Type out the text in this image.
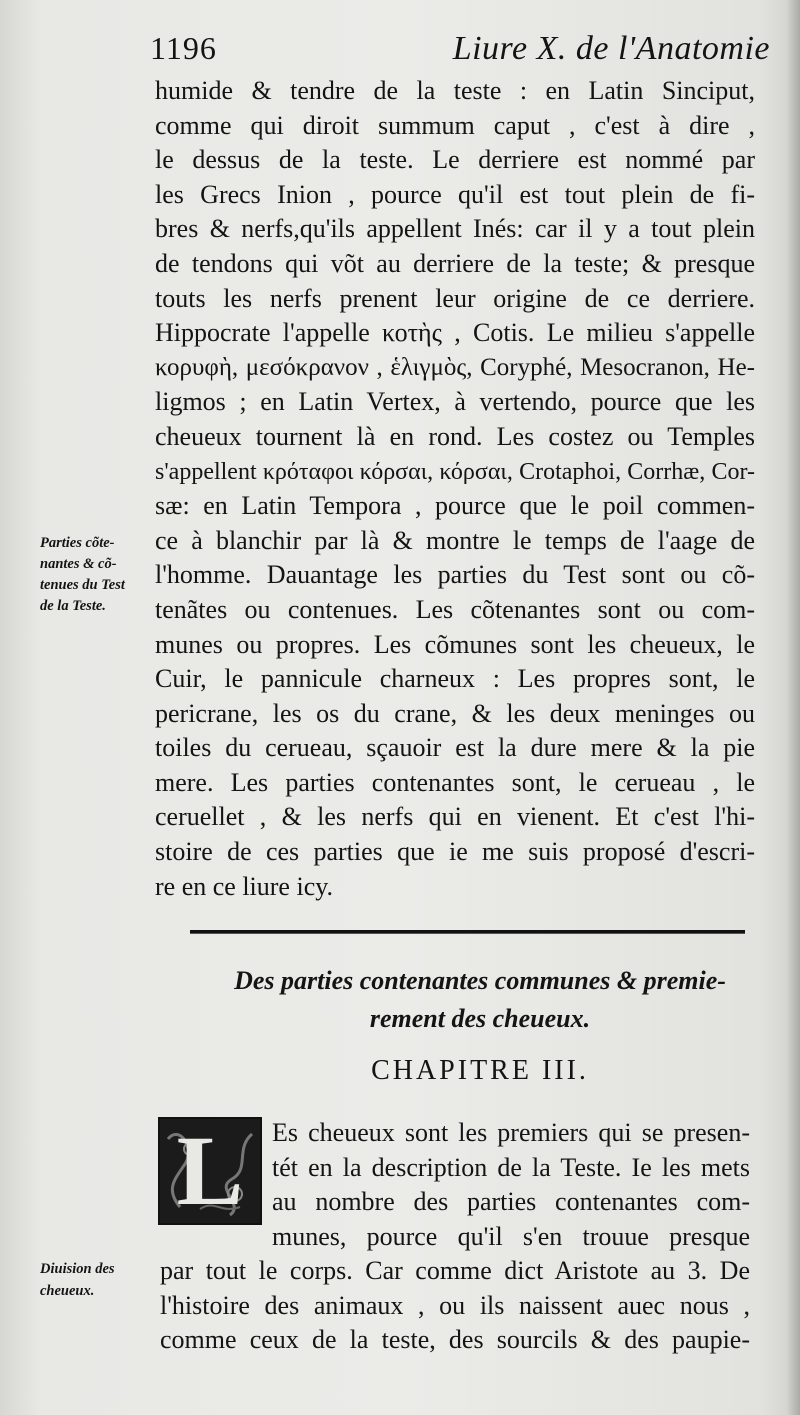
1196	Liure X. de l'Anatomie
humide & tendre de la teste : en Latin Sinciput,
comme qui diroit summum caput , c'est à dire ,
le dessus de la teste. Le derriere est nommé par
les Grecs Inion , pource qu'il est tout plein de fi-
bres & nerfs,qu'ils appellent Inés: car il y a tout plein
de tendons qui võt au derriere de la teste; & presque
touts les nerfs prenent leur origine de ce derriere.
Hippocrate l'appelle κοτὴς , Cotis. Le milieu s'appelle
κορυφὴ, μεσόκρανον , ἑλιγμὸς, Coryphé, Mesocranon, He-
ligmos ; en Latin Vertex, à vertendo, pource que les
cheueux tournent là en rond. Les costez ou Temples
s'appellent κρόταφοι κόρσαι, κόρσαι, Crotaphoi, Corrhæ, Cor-
sæ: en Latin Tempora , pource que le poil commen-
ce à blanchir par là & montre le temps de l'aage de
l'homme. Dauantage les parties du Test sont ou cõ-
tenãtes ou contenues. Les cõtenantes sont ou com-
munes ou propres. Les cõmunes sont les cheueux, le
Cuir, le pannicule charneux : Les propres sont, le
pericrane, les os du crane, & les deux meninges ou
toiles du cerueau, sçauoir est la dure mere & la pie
mere. Les parties contenantes sont, le cerueau , le
ceruellet , & les nerfs qui en vienent. Et c'est l'hi-
stoire de ces parties que ie me suis proposé d'escri-
re en ce liure icy.
Parties cõte-
nantes & cõ-
tenues du Test
de la Teste.
Des parties contenantes communes & premie-
rement des cheueux.
CHAPITRE III.
L	Es cheueux sont les premiers qui se presen-
tét en la description de la Teste. Ie les mets
au nombre des parties contenantes com-
munes, pource qu'il s'en trouue presque
par tout le corps. Car comme dict Aristote au 3. De
l'histoire des animaux , ou ils naissent auec nous ,
comme ceux de la teste, des sourcils & des paupie-
Diuision des
cheueux.
